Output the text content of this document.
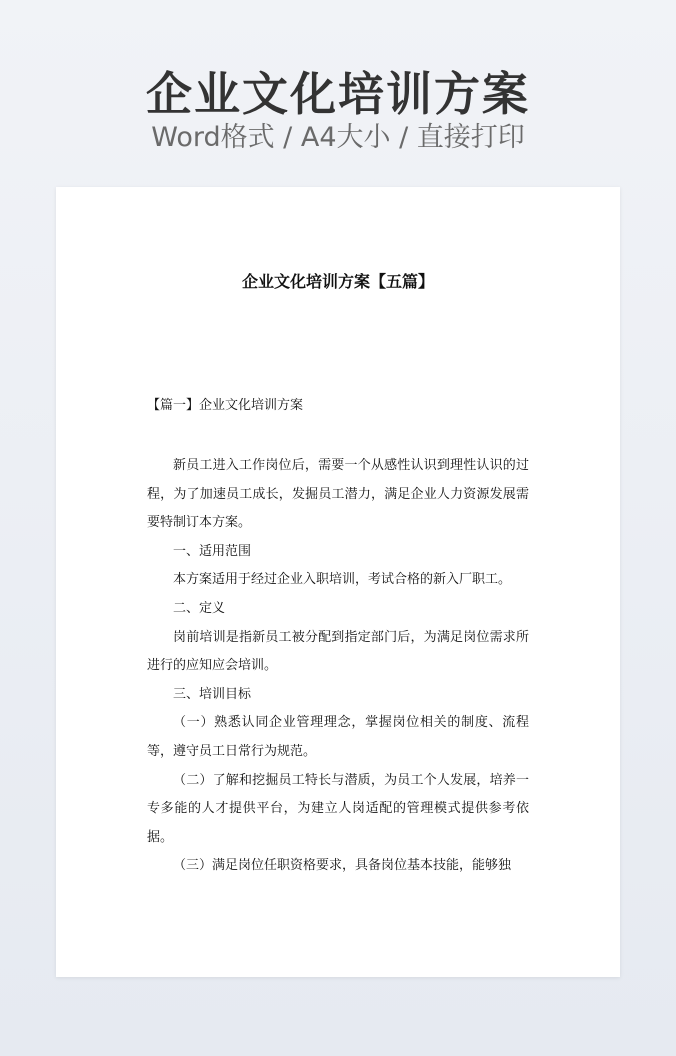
企业文化培训方案
Word格式 / A4大小 / 直接打印
企业文化培训方案【五篇】
【篇一】企业文化培训方案

新员工进入工作岗位后，需要一个从感性认识到理性认识的过程，为了加速员工成长，发掘员工潜力，满足企业人力资源发展需要特制订本方案。

一、适用范围

本方案适用于经过企业入职培训，考试合格的新入厂职工。

二、定义

岗前培训是指新员工被分配到指定部门后，为满足岗位需求所进行的应知应会培训。

三、培训目标

（一）熟悉认同企业管理理念，掌握岗位相关的制度、流程等，遵守员工日常行为规范。

（二）了解和挖掘员工特长与潜质，为员工个人发展，培养一专多能的人才提供平台，为建立人岗适配的管理模式提供参考依据。

（三）满足岗位任职资格要求，具备岗位基本技能，能够独
